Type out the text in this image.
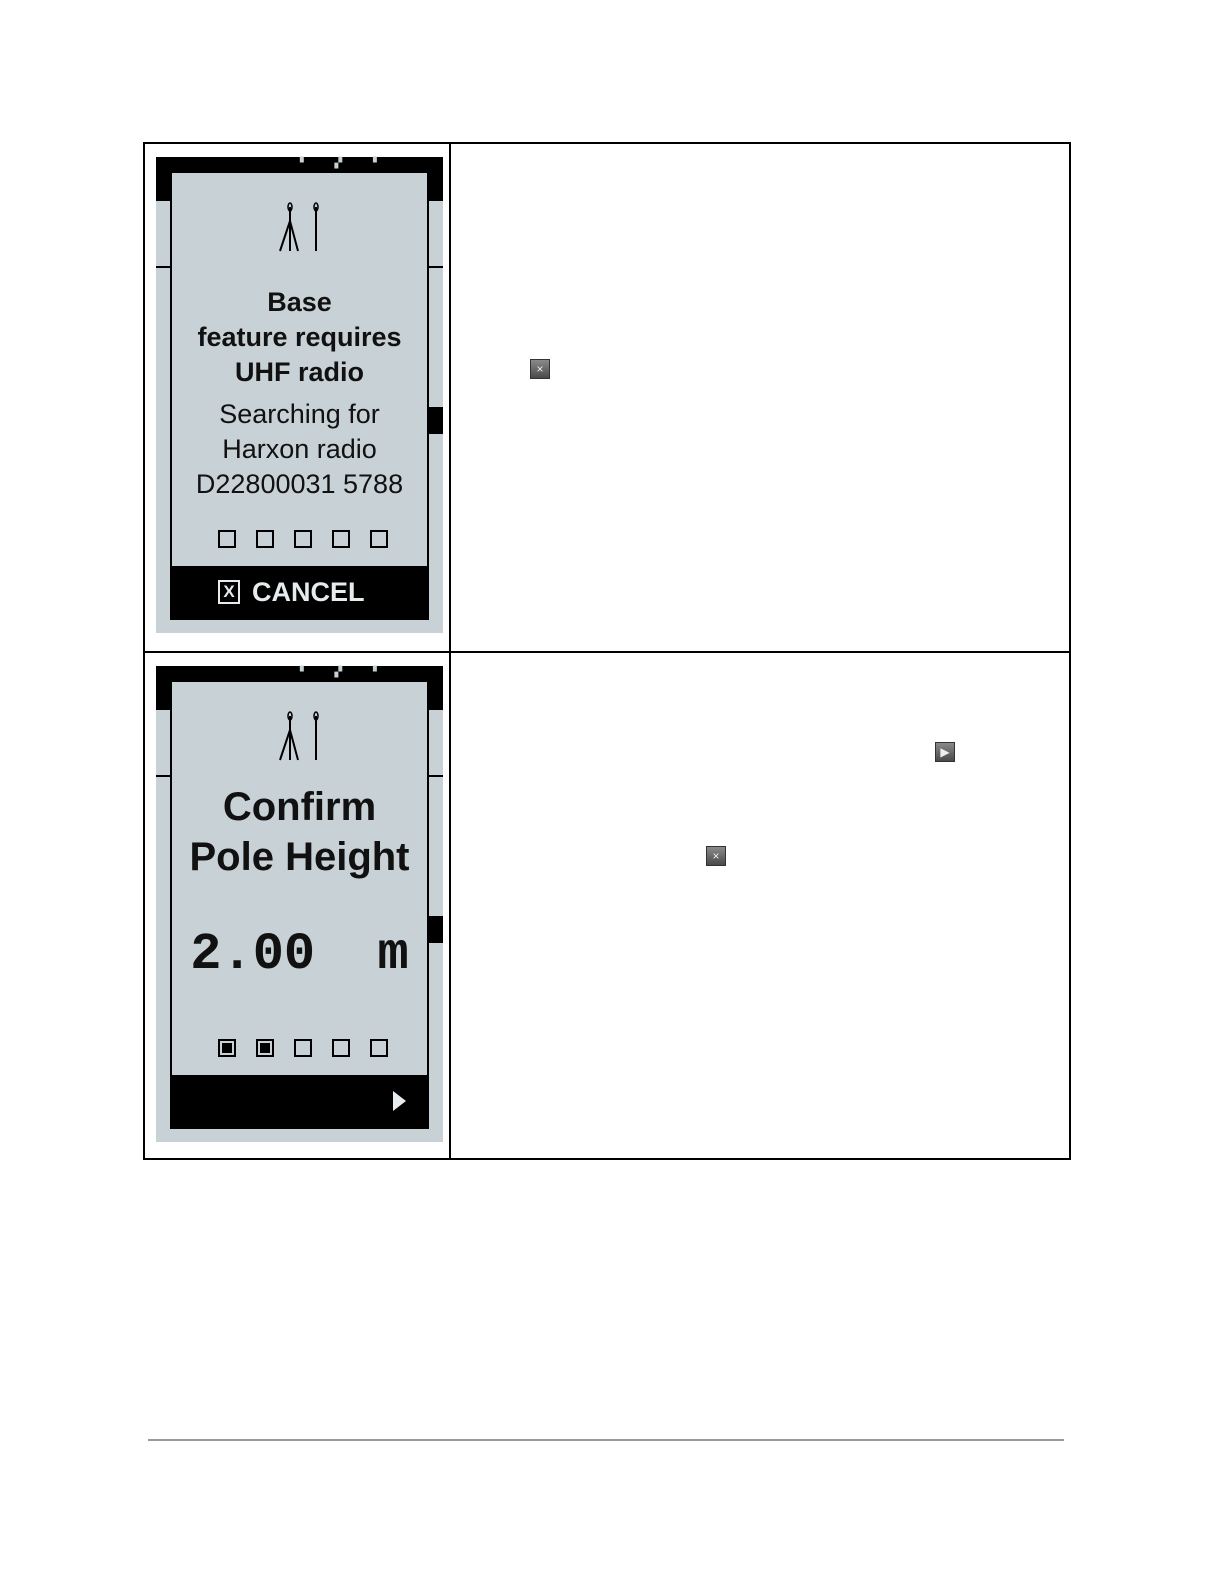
▝ ▞ ▘
Base
feature requires
UHF radio
Searching for
Harxon radio
D22800031 5788
X CANCEL
×
▝ ▞ ▘
Confirm
Pole Height
2.00  m
▶
×
